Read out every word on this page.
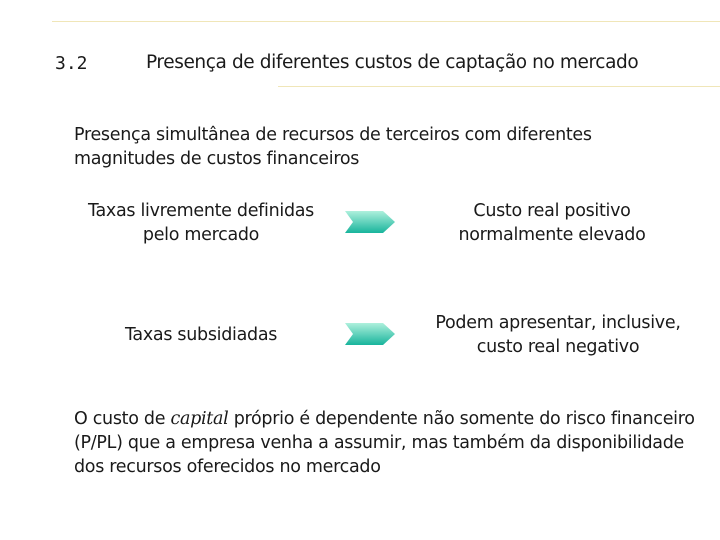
3.2	Presença de diferentes custos de captação no mercado
Presença simultânea de recursos de terceiros com diferentes magnitudes de custos financeiros
Taxas livremente definidas pelo mercado
Custo real positivo normalmente elevado
Taxas subsidiadas
Podem apresentar, inclusive, custo real negativo
O custo de capital próprio é dependente não somente do risco financeiro (P/PL) que a empresa venha a assumir, mas também da disponibilidade dos recursos oferecidos no mercado
